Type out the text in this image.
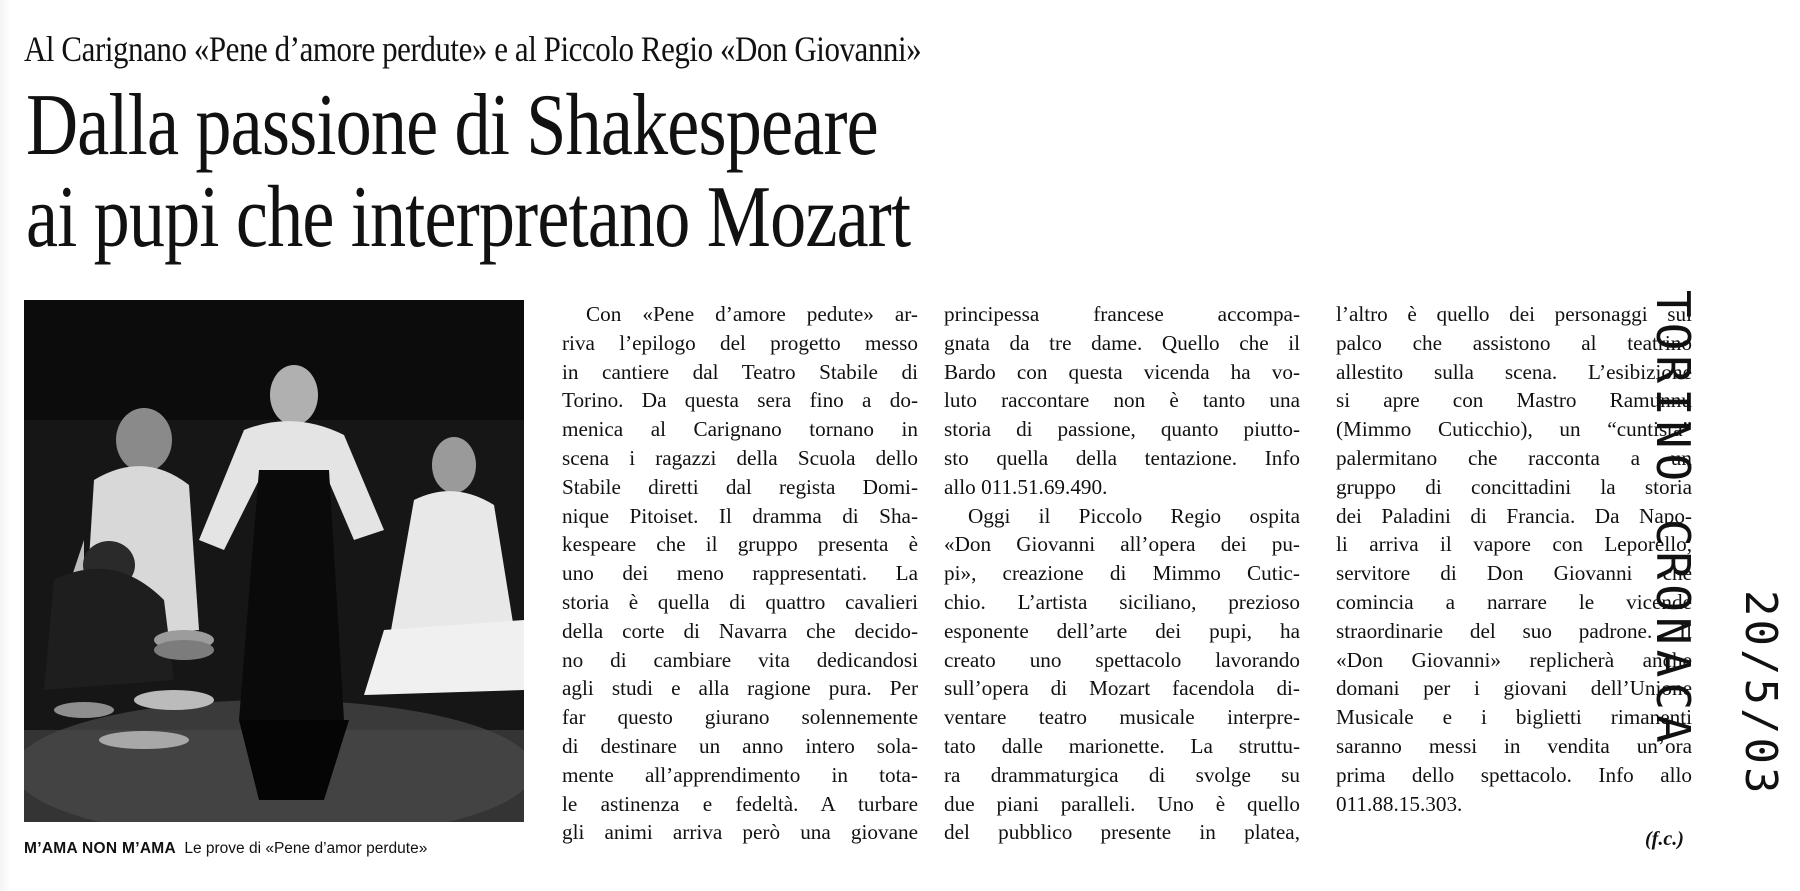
Al Carignano «Pene d’amore perdute» e al Piccolo Regio «Don Giovanni»
Dalla passione di Shakespeare
ai pupi che interpretano Mozart
M’AMA NON M’AMA Le prove di «Pene d’amor perdute»

Con «Pene d’amore pedute» ar-

riva l’epilogo del progetto messo

in cantiere dal Teatro Stabile di

Torino. Da questa sera fino a do-

menica al Carignano tornano in

scena i ragazzi della Scuola dello

Stabile diretti dal regista Domi-

nique Pitoiset. Il dramma di Sha-

kespeare che il gruppo presenta è

uno dei meno rappresentati. La

storia è quella di quattro cavalieri

della corte di Navarra che decido-

no di cambiare vita dedicandosi

agli studi e alla ragione pura. Per

far questo giurano solennemente

di destinare un anno intero sola-

mente all’apprendimento in tota-

le astinenza e fedeltà. A turbare

gli animi arriva però una giovane

principessa francese accompa-

gnata da tre dame. Quello che il

Bardo con questa vicenda ha vo-

luto raccontare non è tanto una

storia di passione, quanto piutto-

sto quella della tentazione. Info

allo 011.51.69.490.

Oggi il Piccolo Regio ospita

«Don Giovanni all’opera dei pu-

pi», creazione di Mimmo Cutic-

chio. L’artista siciliano, prezioso

esponente dell’arte dei pupi, ha

creato uno spettacolo lavorando

sull’opera di Mozart facendola di-

ventare teatro musicale interpre-

tato dalle marionette. La struttu-

ra drammaturgica di svolge su

due piani paralleli. Uno è quello

del pubblico presente in platea,

l’altro è quello dei personaggi sul

palco che assistono al teatrino

allestito sulla scena. L’esibizione

si apre con Mastro Ramunnu

(Mimmo Cuticchio), un “cuntista”

palermitano che racconta a un

gruppo di concittadini la storia

dei Paladini di Francia. Da Napo-

li arriva il vapore con Leporello,

servitore di Don Giovanni che

comincia a narrare le vicende

straordinarie del suo padrone. Il

«Don Giovanni» replicherà anche

domani per i giovani dell’Unione

Musicale e i biglietti rimanenti

saranno messi in vendita un’ora

prima dello spettacolo. Info allo

011.88.15.303.

(f.c.)
TORINO CRONACA 20/5/03
